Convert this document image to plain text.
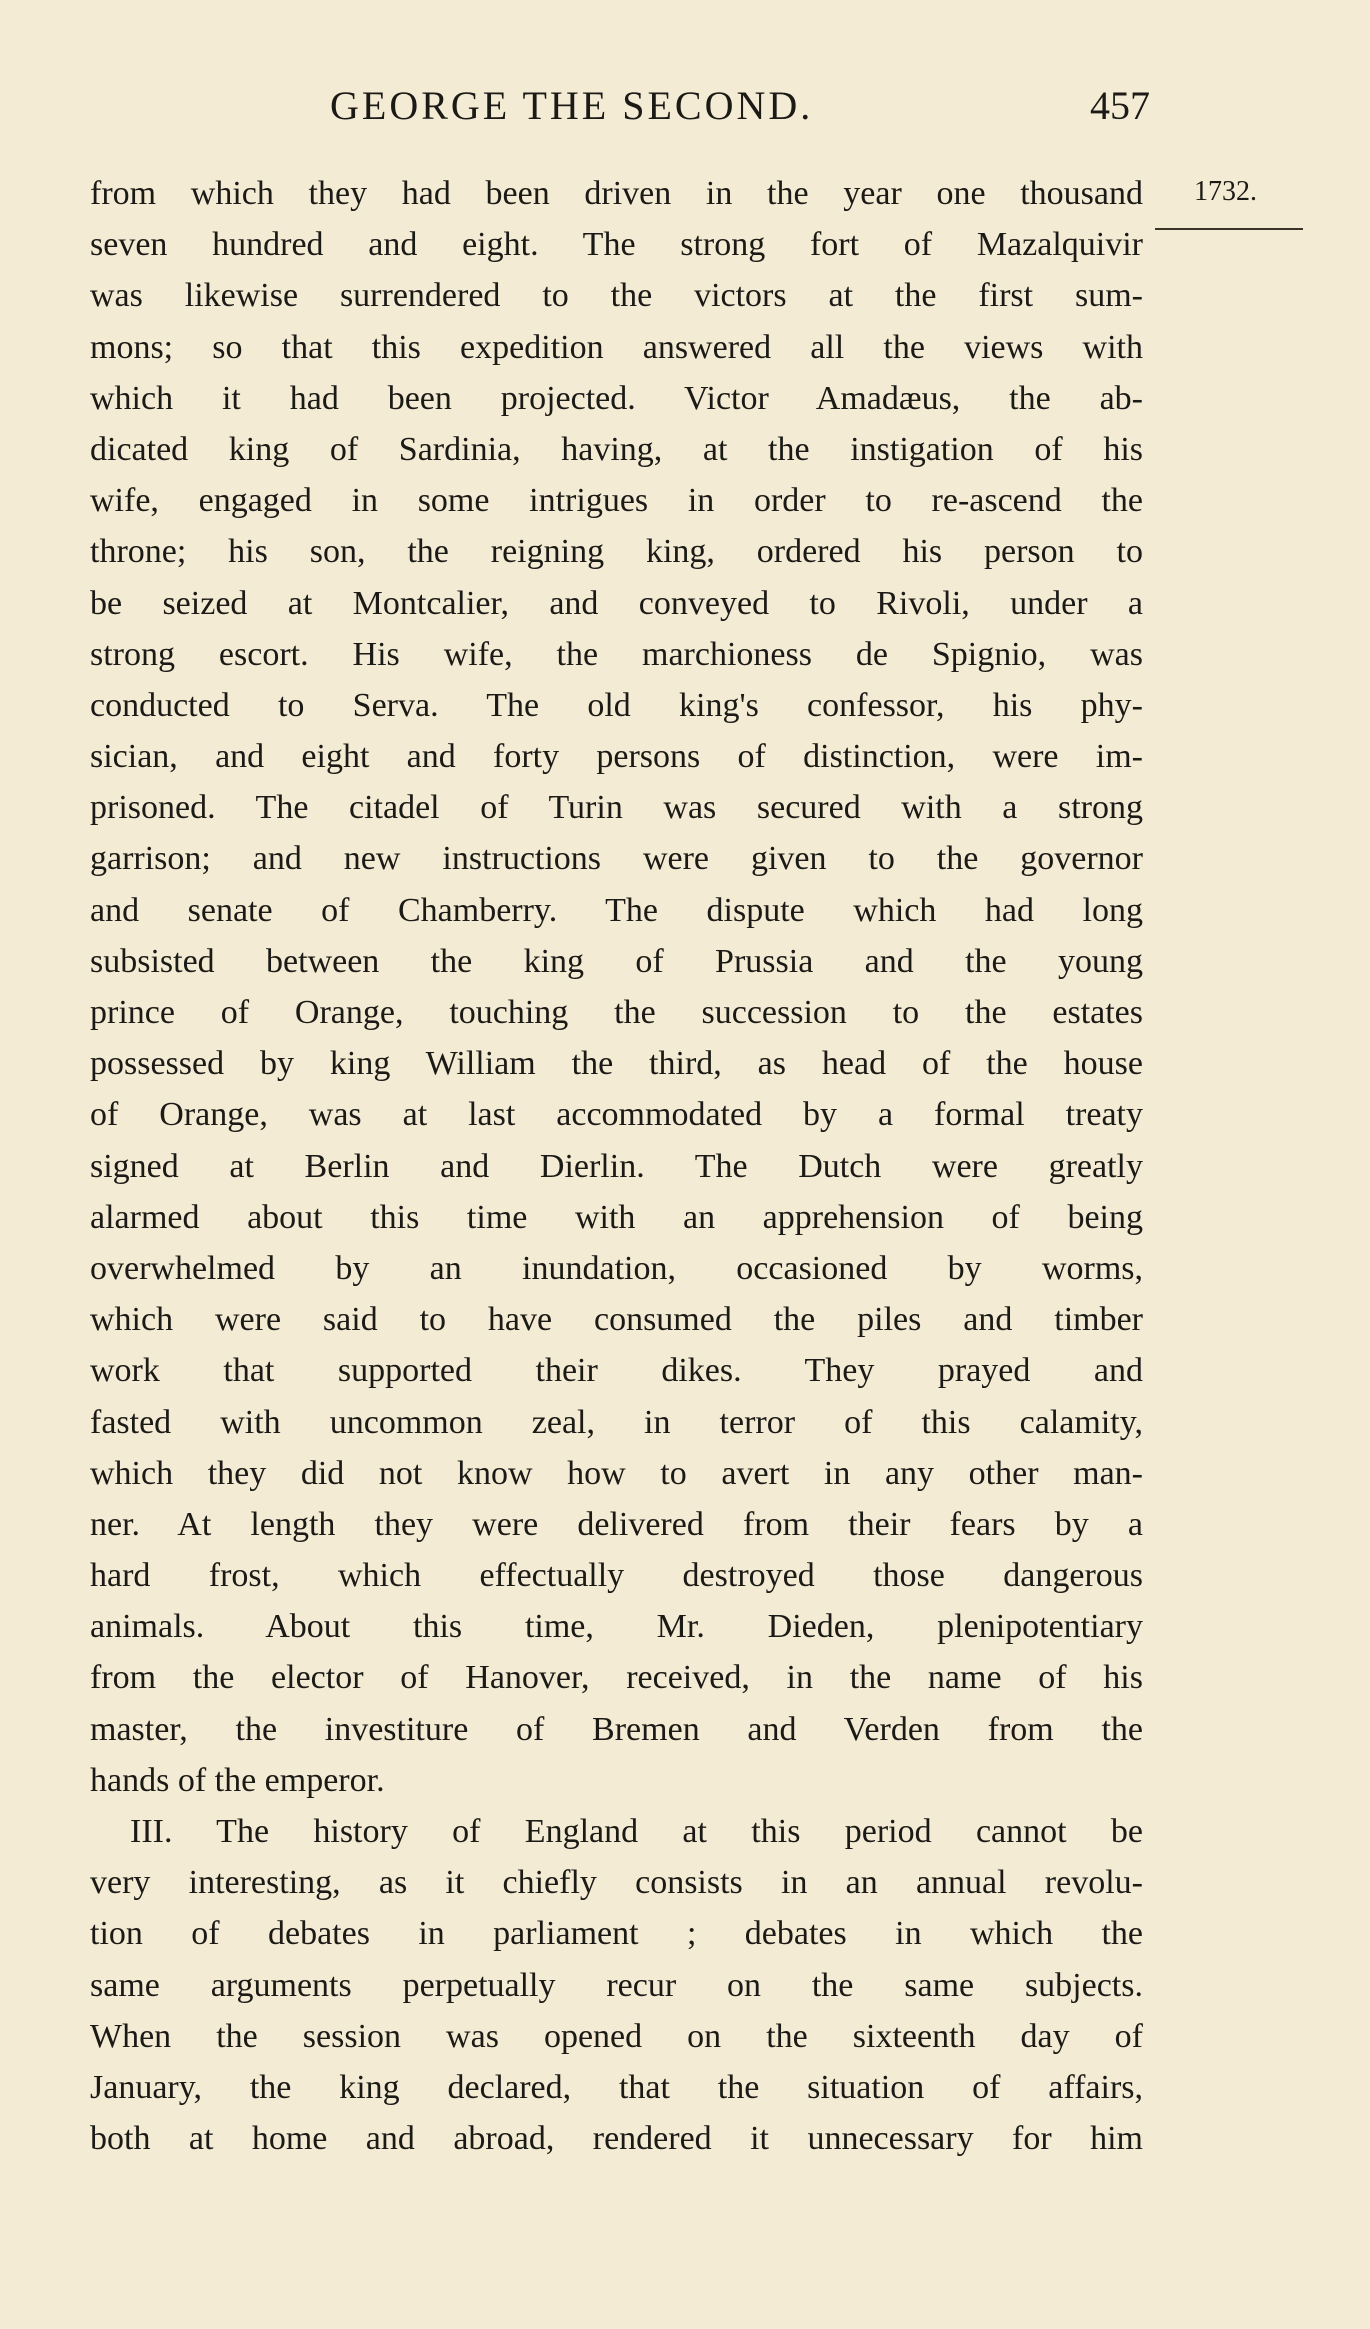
GEORGE THE SECOND.	457
1732.
from which they had been driven in the year one thousand
seven hundred and eight. The strong fort of Mazalquivir
was likewise surrendered to the victors at the first sum-
mons; so that this expedition answered all the views with
which it had been projected. Victor Amadæus, the ab-
dicated king of Sardinia, having, at the instigation of his
wife, engaged in some intrigues in order to re-ascend the
throne; his son, the reigning king, ordered his person to
be seized at Montcalier, and conveyed to Rivoli, under a
strong escort. His wife, the marchioness de Spignio, was
conducted to Serva. The old king's confessor, his phy-
sician, and eight and forty persons of distinction, were im-
prisoned. The citadel of Turin was secured with a strong
garrison; and new instructions were given to the governor
and senate of Chamberry. The dispute which had long
subsisted between the king of Prussia and the young
prince of Orange, touching the succession to the estates
possessed by king William the third, as head of the house
of Orange, was at last accommodated by a formal treaty
signed at Berlin and Dierlin. The Dutch were greatly
alarmed about this time with an apprehension of being
overwhelmed by an inundation, occasioned by worms,
which were said to have consumed the piles and timber
work that supported their dikes. They prayed and
fasted with uncommon zeal, in terror of this calamity,
which they did not know how to avert in any other man-
ner. At length they were delivered from their fears by a
hard frost, which effectually destroyed those dangerous
animals. About this time, Mr. Dieden, plenipotentiary
from the elector of Hanover, received, in the name of his
master, the investiture of Bremen and Verden from the
hands of the emperor.
III. The history of England at this period cannot be
very interesting, as it chiefly consists in an annual revolu-
tion of debates in parliament ; debates in which the
same arguments perpetually recur on the same subjects.
When the session was opened on the sixteenth day of
January, the king declared, that the situation of affairs,
both at home and abroad, rendered it unnecessary for him
